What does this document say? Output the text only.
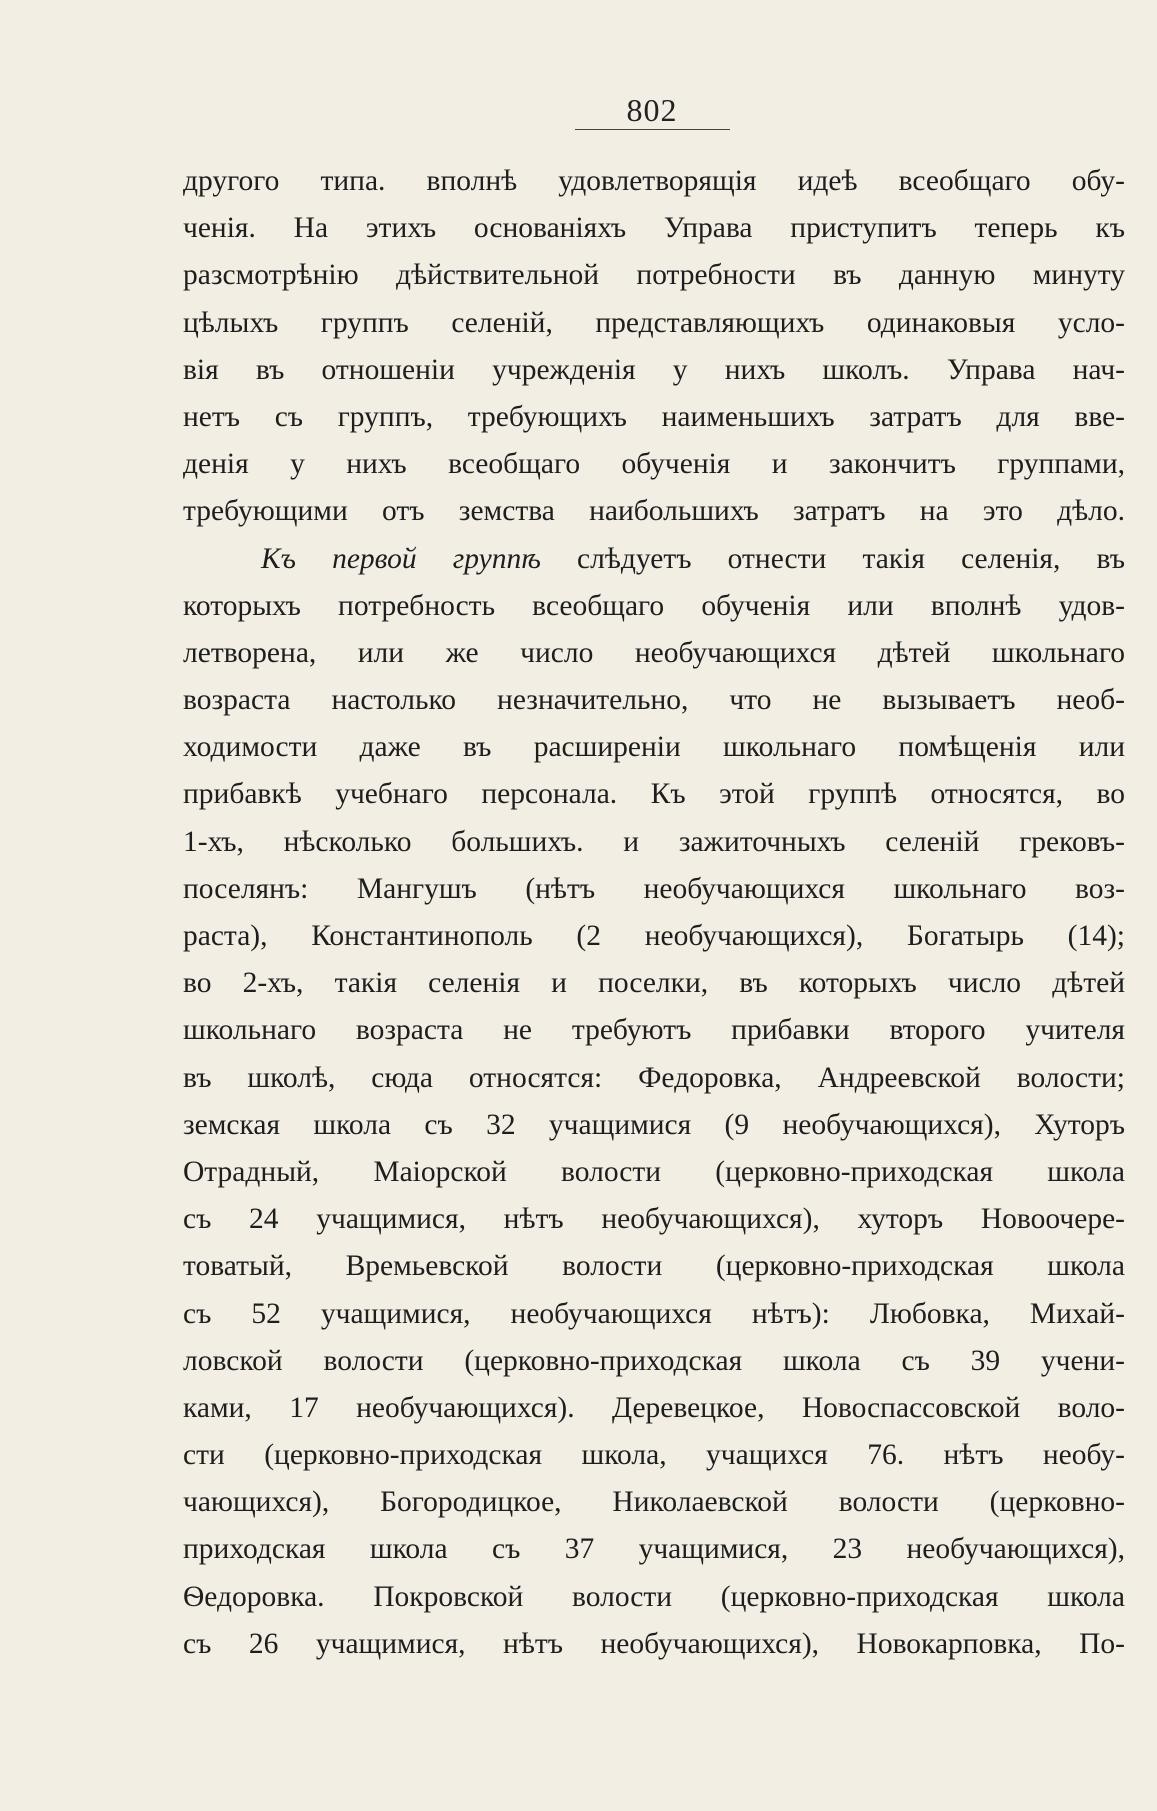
802
другого типа. вполнѣ удовлетворящія идеѣ всеобщаго обу-
ченія. На этихъ основаніяхъ Управа приступитъ теперь къ
разсмотрѣнію дѣйствительной потребности въ данную минуту
цѣлыхъ группъ селеній, представляющихъ одинаковыя усло-
вія въ отношеніи учрежденія у нихъ школъ. Управа нач-
нетъ съ группъ, требующихъ наименьшихъ затратъ для вве-
денія у нихъ всеобщаго обученія и закончитъ группами,
требующими отъ земства наибольшихъ затратъ на это дѣло.
Къ первой группѣ слѣдуетъ отнести такія селенія, въ
которыхъ потребность всеобщаго обученія или вполнѣ удов-
летворена, или же число необучающихся дѣтей школьнаго
возраста настолько незначительно, что не вызываетъ необ-
ходимости даже въ расширеніи школьнаго помѣщенія или
прибавкѣ учебнаго персонала. Къ этой группѣ относятся, во
1-хъ, нѣсколько большихъ. и зажиточныхъ селеній грековъ-
поселянъ: Мангушъ (нѣтъ необучающихся школьнаго воз-
раста), Константинополь (2 необучающихся), Богатырь (14);
во 2-хъ, такія селенія и поселки, въ которыхъ число дѣтей
школьнаго возраста не требуютъ прибавки второго учителя
въ школѣ, сюда относятся: Федоровка, Андреевской волости;
земская школа съ 32 учащимися (9 необучающихся), Хуторъ
Отрадный, Маіорской волости (церковно-приходская школа
съ 24 учащимися, нѣтъ необучающихся), хуторъ Новоочере-
товатый, Времьевской волости (церковно-приходская школа
съ 52 учащимися, необучающихся нѣтъ): Любовка, Михай-
ловской волости (церковно-приходская школа съ 39 учени-
ками, 17 необучающихся). Деревецкое, Новоспассовской воло-
сти (церковно-приходская школа, учащихся 76. нѣтъ необу-
чающихся), Богородицкое, Николаевской волости (церковно-
приходская школа съ 37 учащимися, 23 необучающихся),
Ѳедоровка. Покровской волости (церковно-приходская школа
съ 26 учащимися, нѣтъ необучающихся), Новокарповка, По-
